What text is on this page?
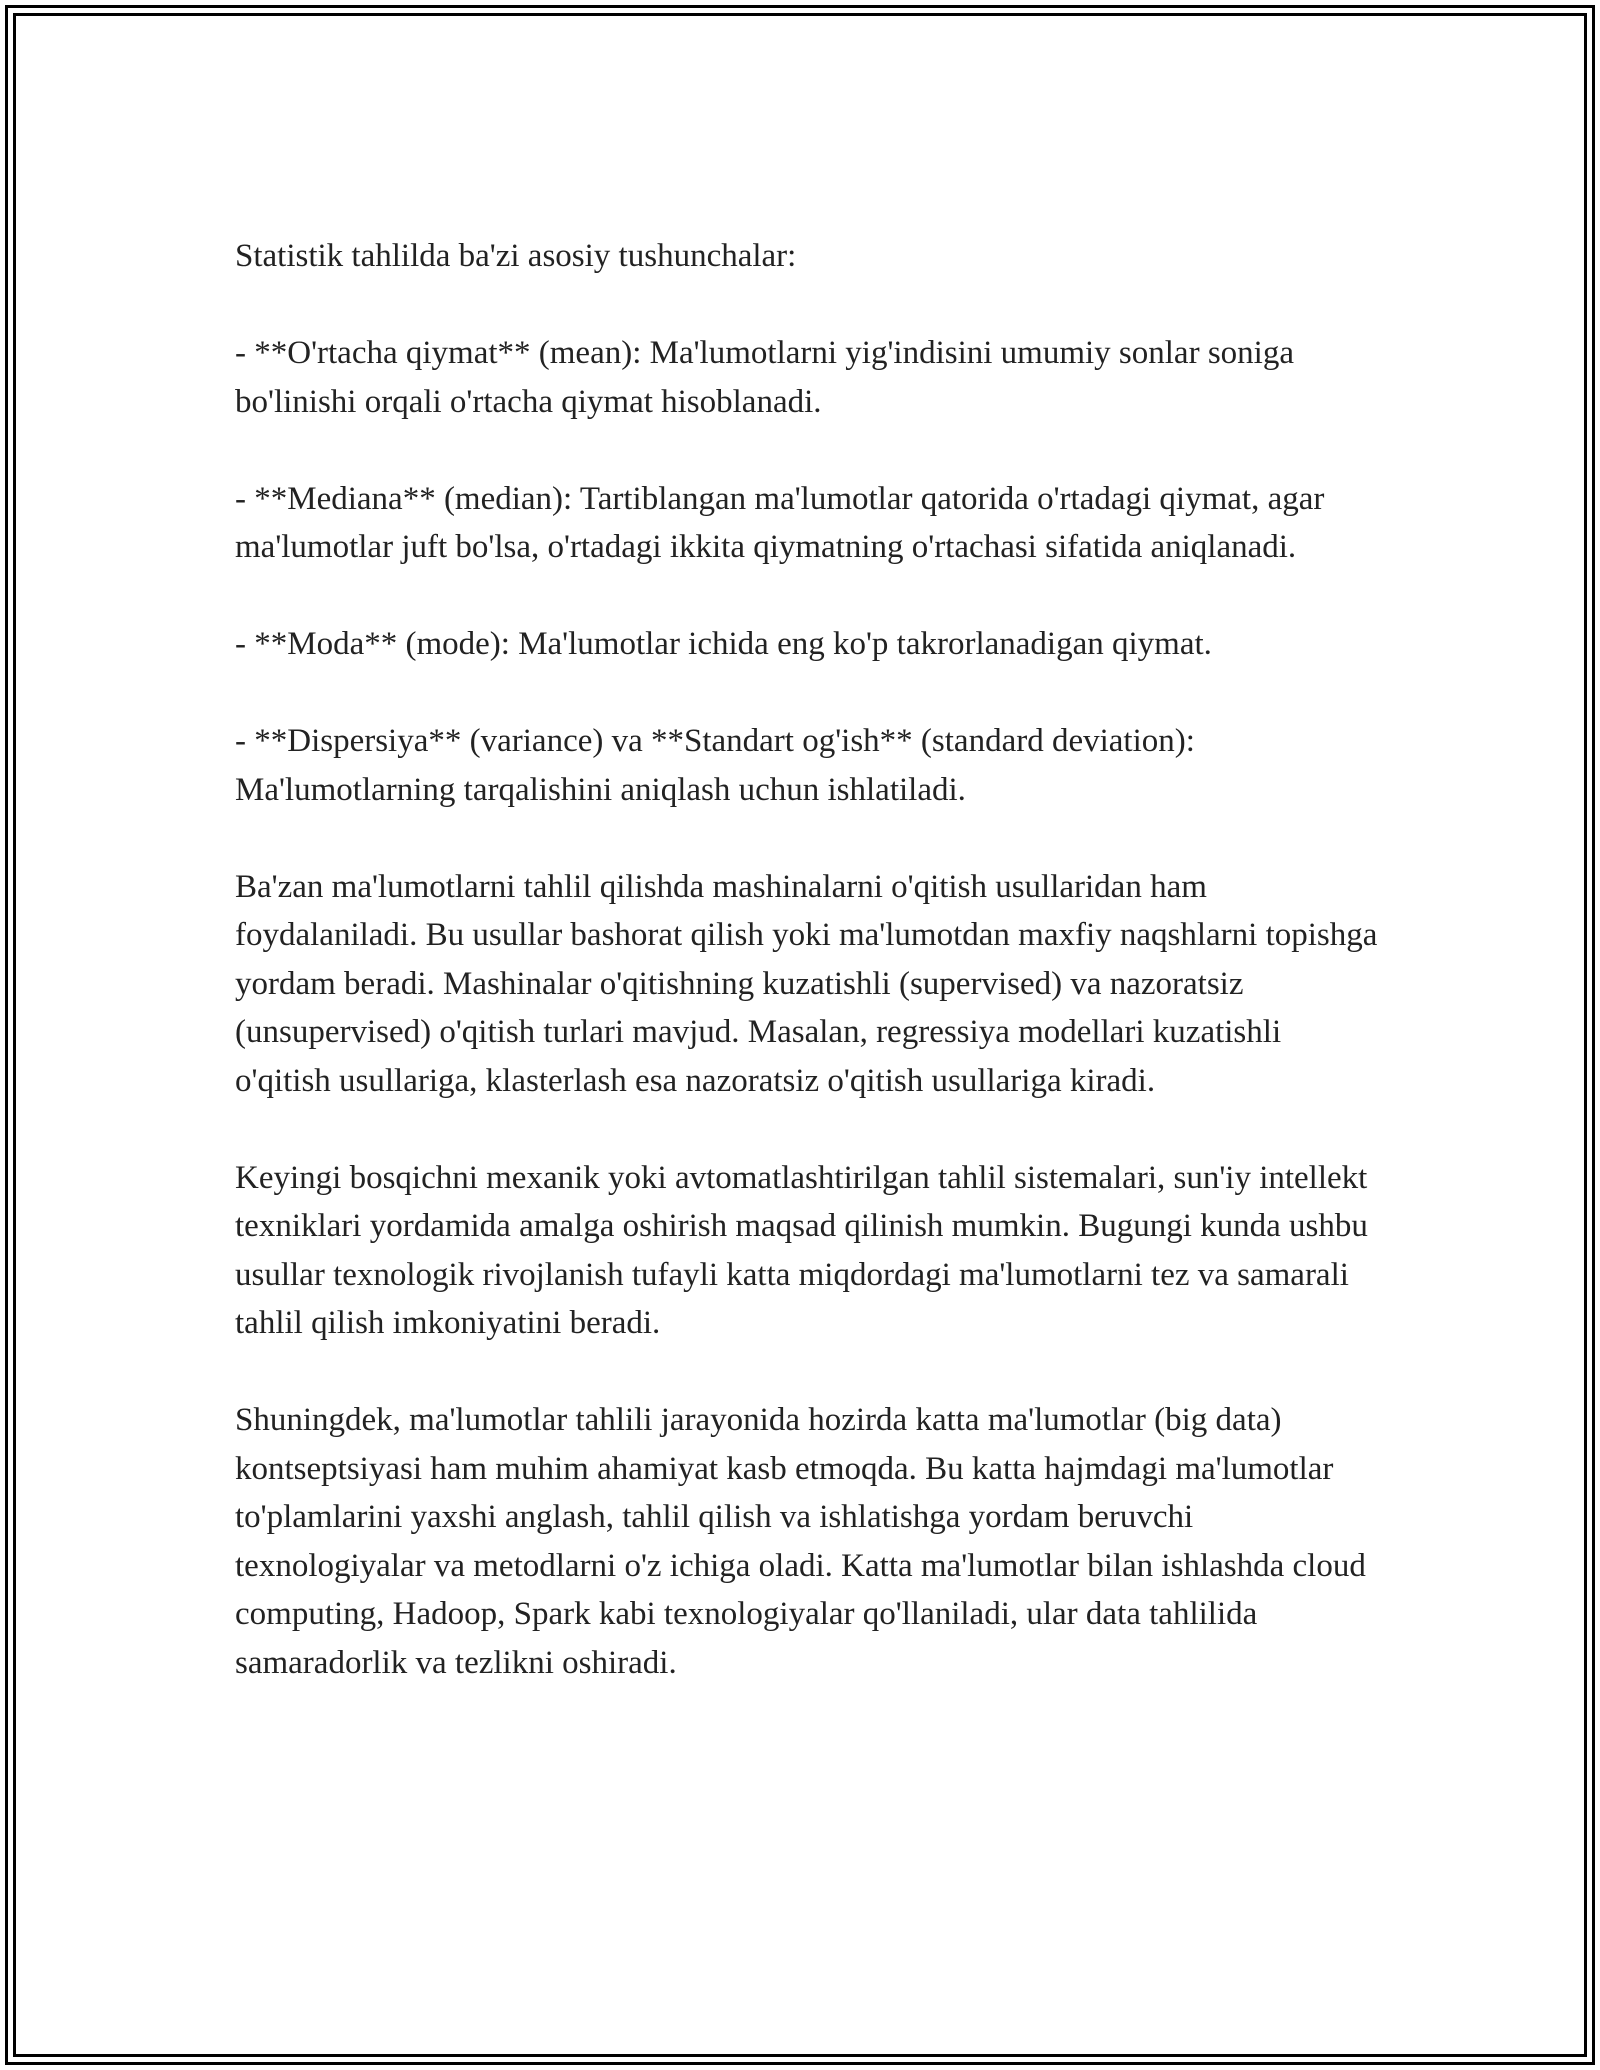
Statistik tahlilda ba'zi asosiy tushunchalar:

- **O'rtacha qiymat** (mean): Ma'lumotlarni yig'indisini umumiy sonlar soniga bo'linishi orqali o'rtacha qiymat hisoblanadi.

- **Mediana** (median): Tartiblangan ma'lumotlar qatorida o'rtadagi qiymat, agar ma'lumotlar juft bo'lsa, o'rtadagi ikkita qiymatning o'rtachasi sifatida aniqlanadi.

- **Moda** (mode): Ma'lumotlar ichida eng ko'p takrorlanadigan qiymat.

- **Dispersiya** (variance) va **Standart og'ish** (standard deviation): Ma'lumotlarning tarqalishini aniqlash uchun ishlatiladi.

Ba'zan ma'lumotlarni tahlil qilishda mashinalarni o'qitish usullaridan ham foydalaniladi. Bu usullar bashorat qilish yoki ma'lumotdan maxfiy naqshlarni topishga yordam beradi. Mashinalar o'qitishning kuzatishli (supervised) va nazoratsiz (unsupervised) o'qitish turlari mavjud. Masalan, regressiya modellari kuzatishli o'qitish usullariga, klasterlash esa nazoratsiz o'qitish usullariga kiradi.

Keyingi bosqichni mexanik yoki avtomatlashtirilgan tahlil sistemalari, sun'iy intellekt texniklari yordamida amalga oshirish maqsad qilinish mumkin. Bugungi kunda ushbu usullar texnologik rivojlanish tufayli katta miqdordagi ma'lumotlarni tez va samarali tahlil qilish imkoniyatini beradi.

Shuningdek, ma'lumotlar tahlili jarayonida hozirda katta ma'lumotlar (big data) kontseptsiyasi ham muhim ahamiyat kasb etmoqda. Bu katta hajmdagi ma'lumotlar to'plamlarini yaxshi anglash, tahlil qilish va ishlatishga yordam beruvchi texnologiyalar va metodlarni o'z ichiga oladi. Katta ma'lumotlar bilan ishlashda cloud computing, Hadoop, Spark kabi texnologiyalar qo'llaniladi, ular data tahlilida samaradorlik va tezlikni oshiradi.
